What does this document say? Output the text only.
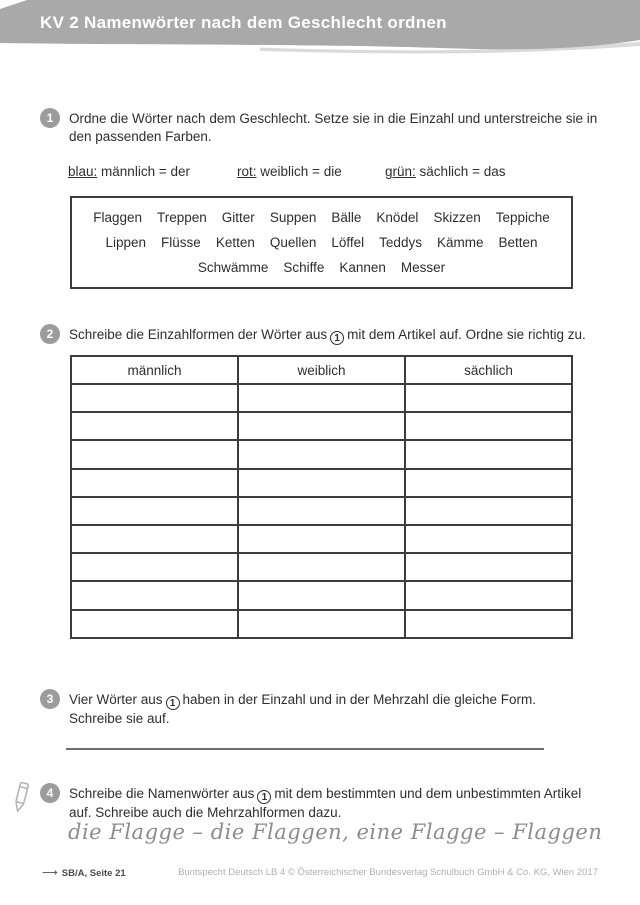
KV 2 Namenwörter nach dem Geschlecht ordnen
1	Ordne die Wörter nach dem Geschlecht. Setze sie in die Einzahl und unterstreiche sie in
den passenden Farben.
blau: männlich = der	rot: weiblich = die	grün: sächlich = das
Flaggen Treppen Gitter Suppen Bälle Knödel Skizzen Teppiche
Lippen Flüsse Ketten Quellen Löffel Teddys Kämme Betten
Schwämme Schiffe Kannen Messer
2	Schreibe die Einzahlformen der Wörter aus 1 mit dem Artikel auf. Ordne sie richtig zu.
männlich	weiblich	sächlich

3	Vier Wörter aus 1 haben in der Einzahl und in der Mehrzahl die gleiche Form.
Schreibe sie auf.
4	Schreibe die Namenwörter aus 1 mit dem bestimmten und dem unbestimmten Artikel
auf. Schreibe auch die Mehrzahlformen dazu.
die Flagge – die Flaggen, eine Flagge – Flaggen
⟶ SB/A, Seite 21	Buntspecht Deutsch LB 4 © Österreichischer Bundesverlag Schulbuch GmbH & Co. KG, Wien 2017
